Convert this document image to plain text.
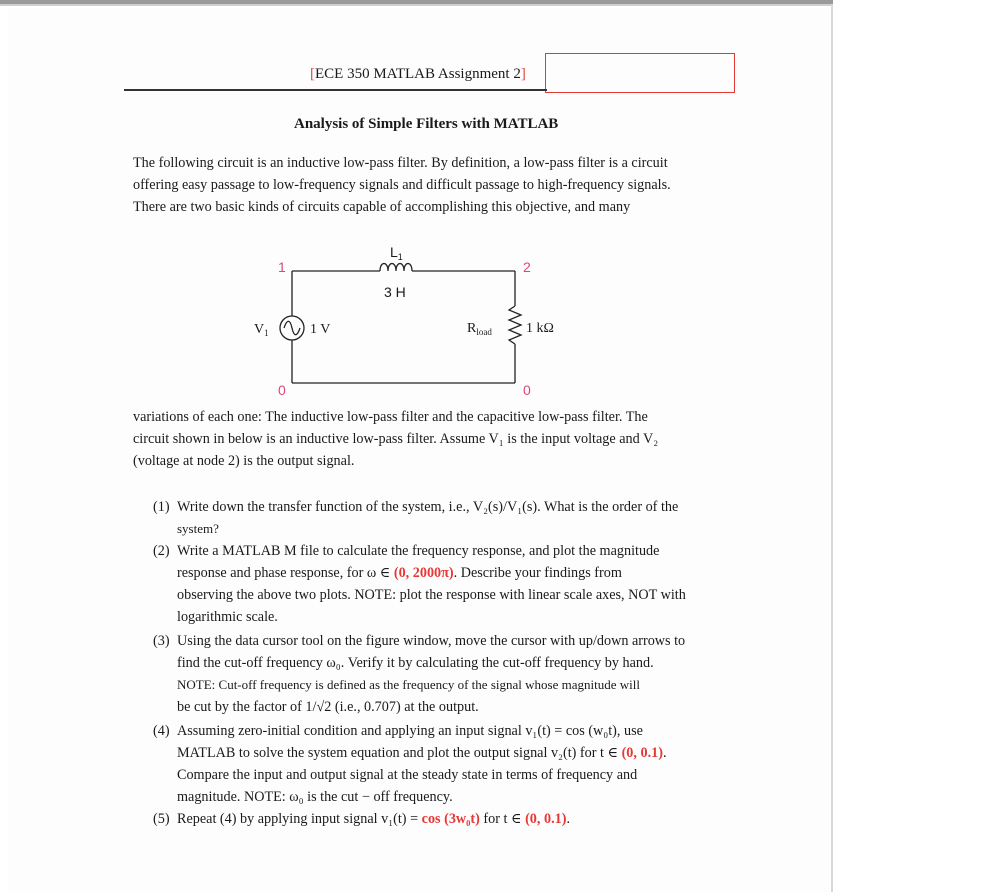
[ECE 350 MATLAB Assignment 2]
Analysis of Simple Filters with MATLAB
The following circuit is an inductive low-pass filter. By definition, a low-pass filter is a circuit
offering easy passage to low-frequency signals and difficult passage to high-frequency signals.
There are two basic kinds of circuits capable of accomplishing this objective, and many
1	2
0	0
$L_1$
3 H
$V_1$	1 V	$R_{load}$ 1 kΩ
variations of each one: The inductive low-pass filter and the capacitive low-pass filter. The
circuit shown in below is an inductive low-pass filter. Assume V₁ is the input voltage and V₂
(voltage at node 2) is the output signal.
(1) Write down the transfer function of the system, i.e., V₂(s)/V₁(s). What is the order of the
system?
(2) Write a MATLAB M file to calculate the frequency response, and plot the magnitude
response and phase response, for ω ∈ (0, 2000π). Describe your findings from
observing the above two plots. NOTE: plot the response with linear scale axes, NOT with
logarithmic scale.
(3) Using the data cursor tool on the figure window, move the cursor with up/down arrows to
find the cut-off frequency ω₀. Verify it by calculating the cut-off frequency by hand.
NOTE: Cut-off frequency is defined as the frequency of the signal whose magnitude will
be cut by the factor of 1/√2 (i.e., 0.707) at the output.
(4) Assuming zero-initial condition and applying an input signal v₁(t) = cos (w₀t), use
MATLAB to solve the system equation and plot the output signal v₂(t) for t ∈ (0, 0.1).
Compare the input and output signal at the steady state in terms of frequency and
magnitude. NOTE: ω₀ is the cut − off frequency.
(5) Repeat (4) by applying input signal v₁(t) = cos (3w₀t) for t ∈ (0, 0.1).
